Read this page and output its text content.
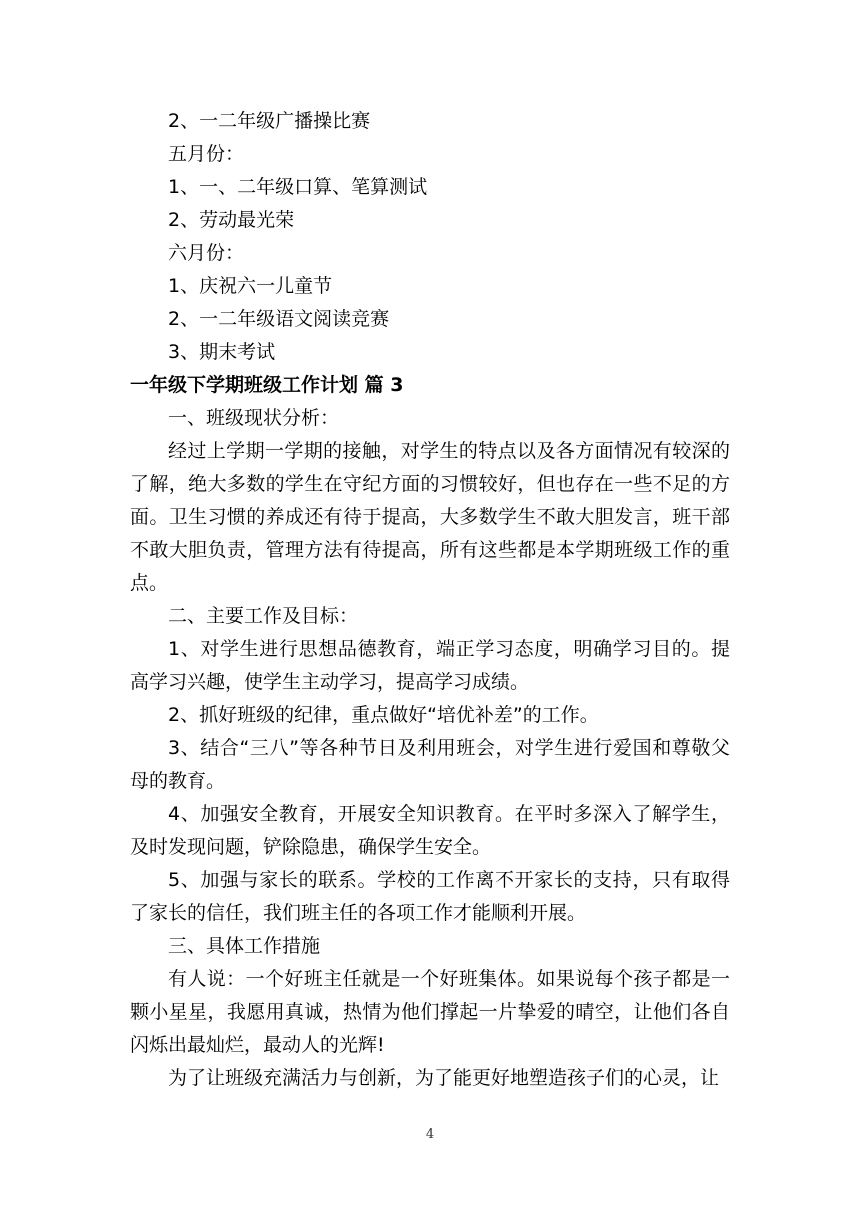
2、一二年级广播操比赛

五月份：

1、一、二年级口算、笔算测试

2、劳动最光荣

六月份：

1、庆祝六一儿童节

2、一二年级语文阅读竞赛

3、期末考试

一年级下学期班级工作计划 篇 3

一、班级现状分析：

经过上学期一学期的接触，对学生的特点以及各方面情况有较深的了解，绝大多数的学生在守纪方面的习惯较好，但也存在一些不足的方面。卫生习惯的养成还有待于提高，大多数学生不敢大胆发言，班干部不敢大胆负责，管理方法有待提高，所有这些都是本学期班级工作的重点。

二、主要工作及目标：

1、对学生进行思想品德教育，端正学习态度，明确学习目的。提高学习兴趣，使学生主动学习，提高学习成绩。

2、抓好班级的纪律，重点做好“培优补差”的工作。

3、结合“三八”等各种节日及利用班会，对学生进行爱国和尊敬父母的教育。

4、加强安全教育，开展安全知识教育。在平时多深入了解学生，及时发现问题，铲除隐患，确保学生安全。

5、加强与家长的联系。学校的工作离不开家长的支持，只有取得了家长的信任，我们班主任的各项工作才能顺利开展。

三、具体工作措施

有人说：一个好班主任就是一个好班集体。如果说每个孩子都是一颗小星星，我愿用真诚，热情为他们撑起一片挚爱的晴空，让他们各自闪烁出最灿烂，最动人的光辉!

为了让班级充满活力与创新，为了能更好地塑造孩子们的心灵，让

4
